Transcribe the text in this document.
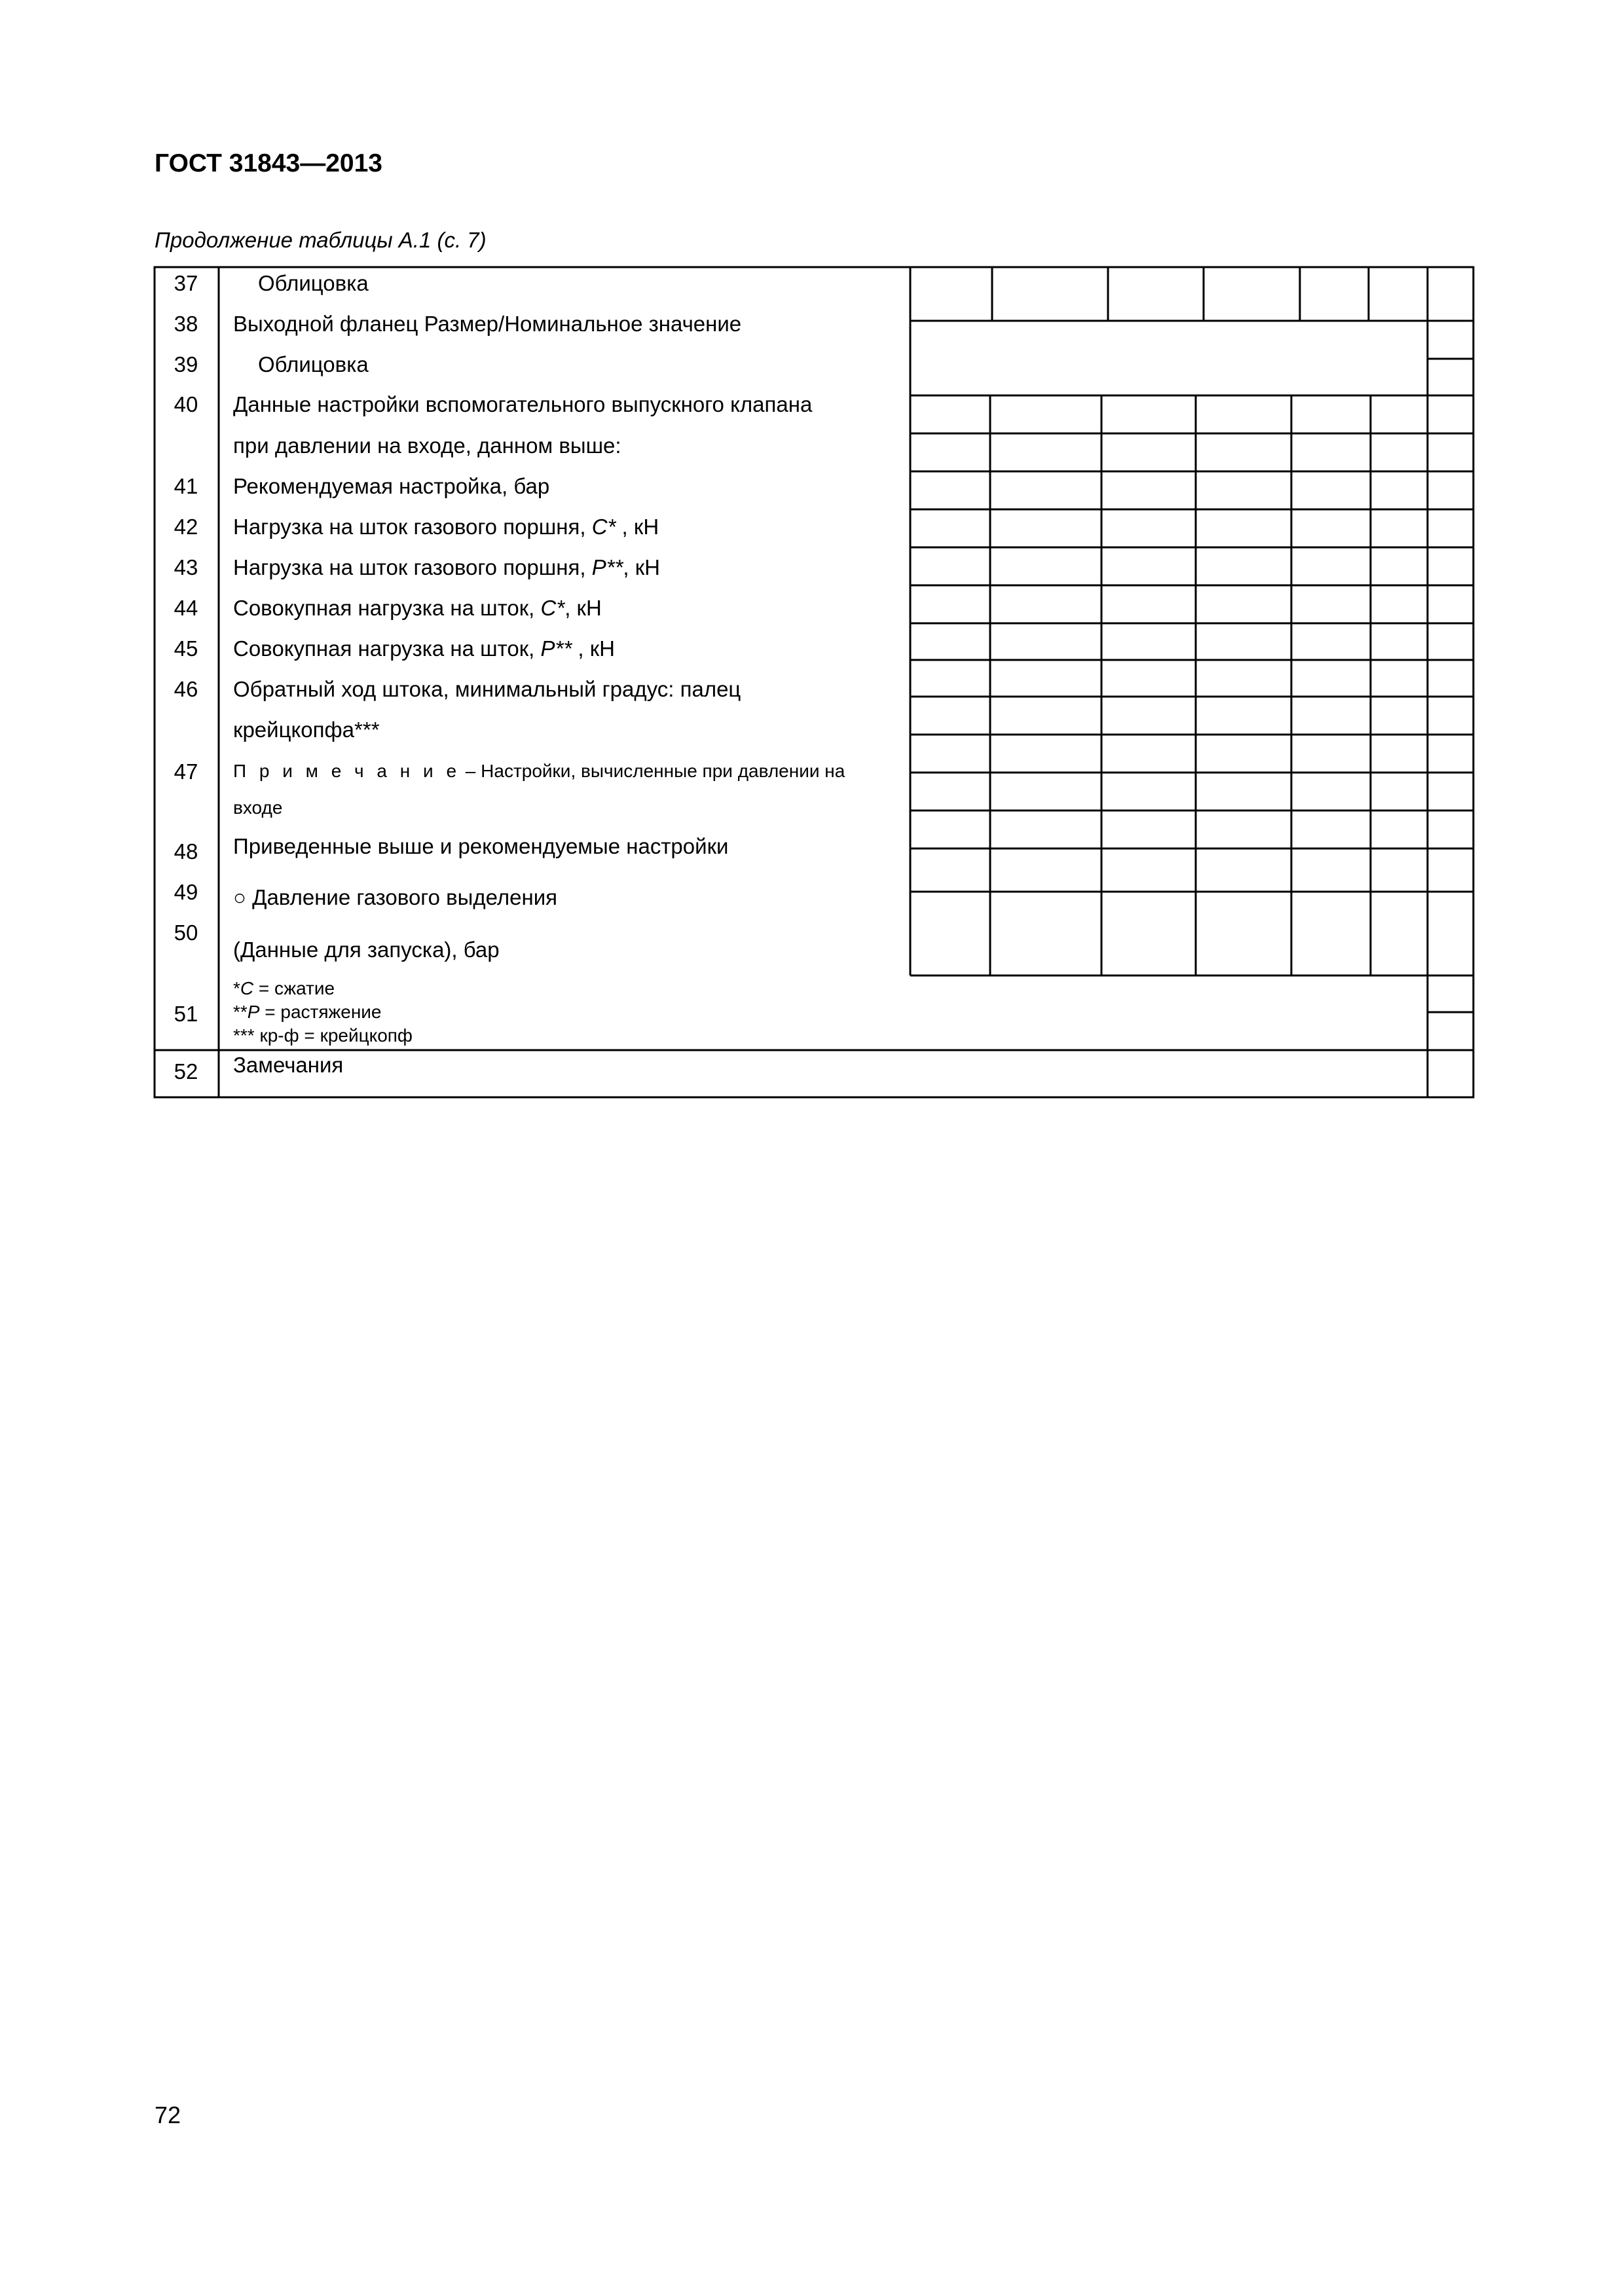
ГОСТ 31843—2013
Продолжение таблицы А.1 (с. 7)
37
38
39
40
41
42
43
44
45
46
47
48
49
50
51
52
Облицовка
Выходной фланец Размер/Номинальное значение
Облицовка
Данные настройки вспомогательного выпускного клапана
при давлении на входе, данном выше:
Рекомендуемая настройка, бар
Нагрузка на шток газового поршня, C* , кН
Нагрузка на шток газового поршня, P**, кН
Совокупная нагрузка на шток, C*, кН
Совокупная нагрузка на шток, P** , кН
Обратный ход штока, минимальный градус: палец
крейцкопфа***
П р и м е ч а н и е – Настройки, вычисленные при давлении на
входе
Приведенные выше и рекомендуемые настройки
○ Давление газового выделения
(Данные для запуска), бар
*C = сжатие
**P = растяжение
*** кр-ф = крейцкопф
Замечания
72
